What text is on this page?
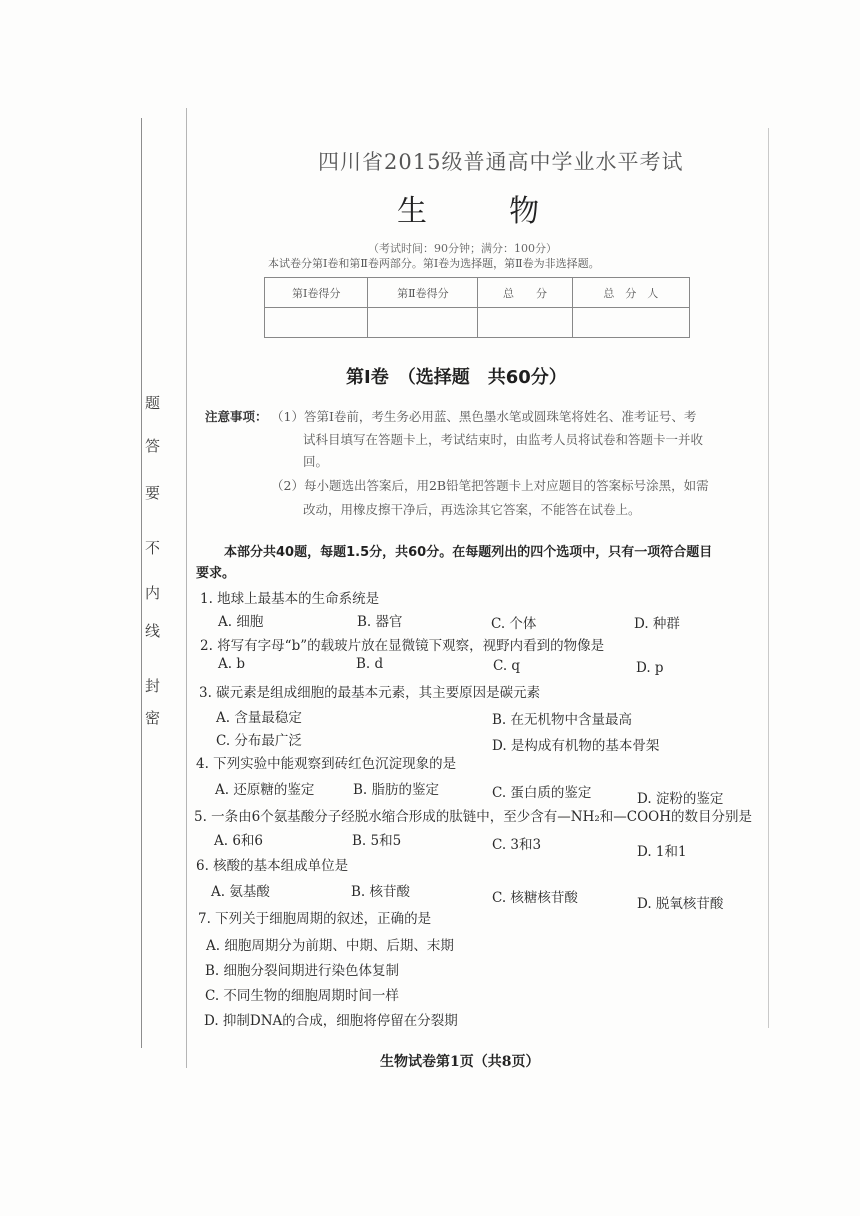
密
封
线
内
不
要
答
题
四川省2015级普通高中学业水平考试
生	物
（考试时间：90分钟；满分：100分）
本试卷分第Ⅰ卷和第Ⅱ卷两部分。第Ⅰ卷为选择题，第Ⅱ卷为非选择题。
第Ⅰ卷得分	第Ⅱ卷得分	总　　分	总　分　人

第Ⅰ卷　（选择题　共60分）
注意事项： （1）答第Ⅰ卷前，考生务必用蓝、黑色墨水笔或圆珠笔将姓名、准考证号、考
试科目填写在答题卡上，考试结束时，由监考人员将试卷和答题卡一并收
回。
（2）每小题选出答案后，用2B铅笔把答题卡上对应题目的答案标号涂黑，如需
改动，用橡皮擦干净后，再选涂其它答案，不能答在试卷上。
本部分共40题，每题1.5分，共60分。在每题列出的四个选项中，只有一项符合题目
要求。
1. 地球上最基本的生命系统是
A. 细胞	B. 器官	C. 个体	D. 种群
2. 将写有字母“b”的载玻片放在显微镜下观察，视野内看到的物像是
A. b	B. d	C. q	D. p
3. 碳元素是组成细胞的最基本元素，其主要原因是碳元素
A. 含量最稳定	B. 在无机物中含量最高
C. 分布最广泛	D. 是构成有机物的基本骨架
4. 下列实验中能观察到砖红色沉淀现象的是
A. 还原糖的鉴定	B. 脂肪的鉴定	C. 蛋白质的鉴定	D. 淀粉的鉴定
5. 一条由6个氨基酸分子经脱水缩合形成的肽链中，至少含有—NH₂和—COOH的数目分别是
A. 6和6	B. 5和5	C. 3和3	D. 1和1
6. 核酸的基本组成单位是
A. 氨基酸	B. 核苷酸	C. 核糖核苷酸	D. 脱氧核苷酸
7. 下列关于细胞周期的叙述，正确的是
A. 细胞周期分为前期、中期、后期、末期
B. 细胞分裂间期进行染色体复制
C. 不同生物的细胞周期时间一样
D. 抑制DNA的合成，细胞将停留在分裂期
生物试卷第1页（共8页）
